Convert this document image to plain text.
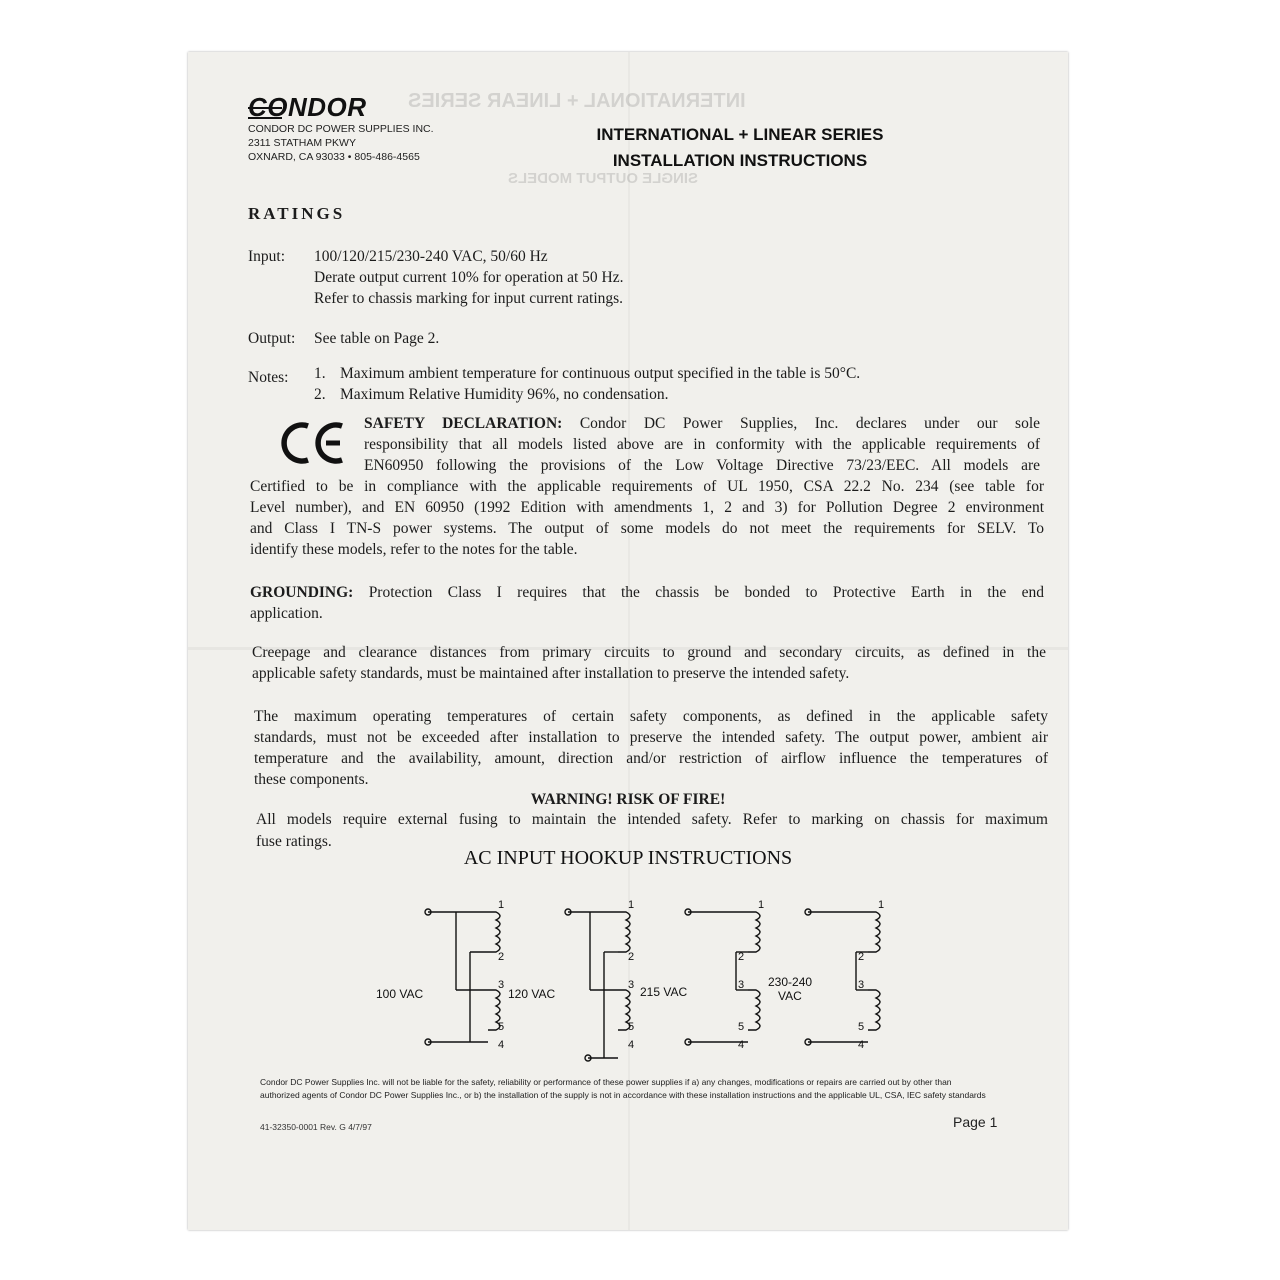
INTERNATIONAL + LINEAR SERIES
SINGLE OUTPUT MODELS
CONDOR
CONDOR DC POWER SUPPLIES INC.
2311 STATHAM PKWY
OXNARD, CA 93033 • 805-486-4565
INTERNATIONAL + LINEAR SERIES
INSTALLATION INSTRUCTIONS
RATINGS
Input: 100/120/215/230-240 VAC, 50/60 Hz
Derate output current 10% for operation at 50 Hz.
Refer to chassis marking for input current ratings.
Output: See table on Page 2.
Notes: 1. Maximum ambient temperature for continuous output specified in the table is 50°C.
2. Maximum Relative Humidity 96%, no condensation.
SAFETY DECLARATION: Condor DC Power Supplies, Inc. declares under our sole
responsibility that all models listed above are in conformity with the applicable requirements of
EN60950 following the provisions of the Low Voltage Directive 73/23/EEC. All models are
Certified to be in compliance with the applicable requirements of UL 1950, CSA 22.2 No. 234 (see table for
Level number), and EN 60950 (1992 Edition with amendments 1, 2 and 3) for Pollution Degree 2 environment
and Class I TN-S power systems. The output of some models do not meet the requirements for SELV. To
identify these models, refer to the notes for the table.
GROUNDING: Protection Class I requires that the chassis be bonded to Protective Earth in the end
application.
Creepage and clearance distances from primary circuits to ground and secondary circuits, as defined in the
applicable safety standards, must be maintained after installation to preserve the intended safety.
The maximum operating temperatures of certain safety components, as defined in the applicable safety
standards, must not be exceeded after installation to preserve the intended safety. The output power, ambient air
temperature and the availability, amount, direction and/or restriction of airflow influence the temperatures of
these components.
WARNING! RISK OF FIRE!
All models require external fusing to maintain the intended safety. Refer to marking on chassis for maximum
fuse ratings.
AC INPUT HOOKUP INSTRUCTIONS
1
2
3
5
4
1
2
3
5
4
1
2
3
5
4
1
2
3
5
4
100 VAC	120 VAC	215 VAC
230-240
VAC
Condor DC Power Supplies Inc. will not be liable for the safety, reliability or performance of these power supplies if a) any changes, modifications or repairs are carried out by other than
authorized agents of Condor DC Power Supplies Inc., or b) the installation of the supply is not in accordance with these installation instructions and the applicable UL, CSA, IEC safety standards
41-32350-0001 Rev. G 4/7/97	Page 1
